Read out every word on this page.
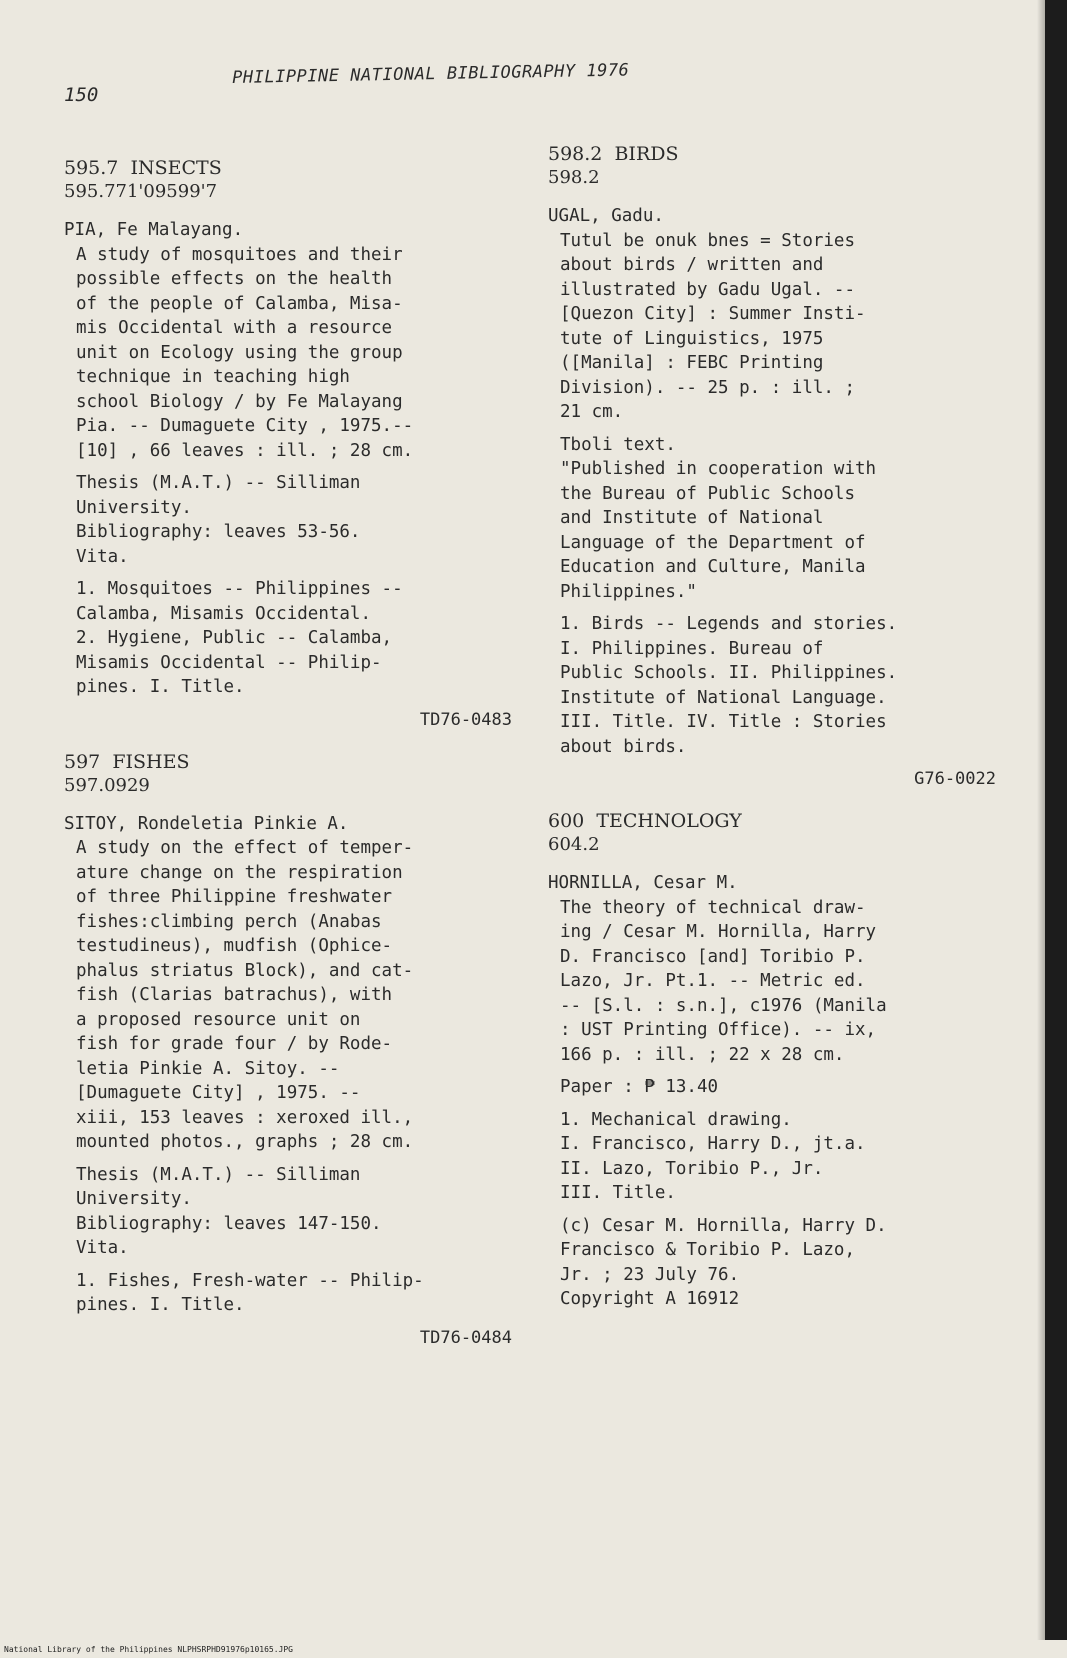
150
PHILIPPINE NATIONAL BIBLIOGRAPHY 1976
595.7  INSECTS
595.771'09599'7

PIA, Fe Malayang.
A study of mosquitoes and their
possible effects on the health
of the people of Calamba, Misa-
mis Occidental with a resource
unit on Ecology using the group
technique in teaching high
school Biology / by Fe Malayang
Pia. -- Dumaguete City , 1975.--
[10] , 66 leaves : ill. ; 28 cm.

Thesis (M.A.T.) -- Silliman
University.
Bibliography: leaves 53-56.
Vita.

1. Mosquitoes -- Philippines --
Calamba, Misamis Occidental.
2. Hygiene, Public -- Calamba,
Misamis Occidental -- Philip-
pines. I. Title.

TD76-0483
597  FISHES
597.0929

SITOY, Rondeletia Pinkie A.
A study on the effect of temper-
ature change on the respiration
of three Philippine freshwater
fishes:climbing perch (Anabas
testudineus), mudfish (Ophice-
phalus striatus Block), and cat-
fish (Clarias batrachus), with
a proposed resource unit on
fish for grade four / by Rode-
letia Pinkie A. Sitoy. --
[Dumaguete City] , 1975. --
xiii, 153 leaves : xeroxed ill.,
mounted photos., graphs ; 28 cm.

Thesis (M.A.T.) -- Silliman
University.
Bibliography: leaves 147-150.
Vita.

1. Fishes, Fresh-water -- Philip-
pines. I. Title.

TD76-0484
598.2  BIRDS
598.2

UGAL, Gadu.
Tutul be onuk bnes = Stories
about birds / written and
illustrated by Gadu Ugal. --
[Quezon City] : Summer Insti-
tute of Linguistics, 1975
([Manila] : FEBC Printing
Division). -- 25 p. : ill. ;
21 cm.

Tboli text.
"Published in cooperation with
the Bureau of Public Schools
and Institute of National
Language of the Department of
Education and Culture, Manila
Philippines."

1. Birds -- Legends and stories.
I. Philippines. Bureau of
Public Schools. II. Philippines.
Institute of National Language.
III. Title. IV. Title : Stories
about birds.

G76-0022
600  TECHNOLOGY
604.2

HORNILLA, Cesar M.
The theory of technical draw-
ing / Cesar M. Hornilla, Harry
D. Francisco [and] Toribio P.
Lazo, Jr. Pt.1. -- Metric ed.
-- [S.l. : s.n.], c1976 (Manila
: UST Printing Office). -- ix,
166 p. : ill. ; 22 x 28 cm.

Paper : ₱ 13.40

1. Mechanical drawing.
I. Francisco, Harry D., jt.a.
II. Lazo, Toribio P., Jr.
III. Title.

(c) Cesar M. Hornilla, Harry D.
Francisco & Toribio P. Lazo,
Jr. ; 23 July 76.
Copyright A 16912

National Library of the Philippines NLPHSRPHD91976p10165.JPG
